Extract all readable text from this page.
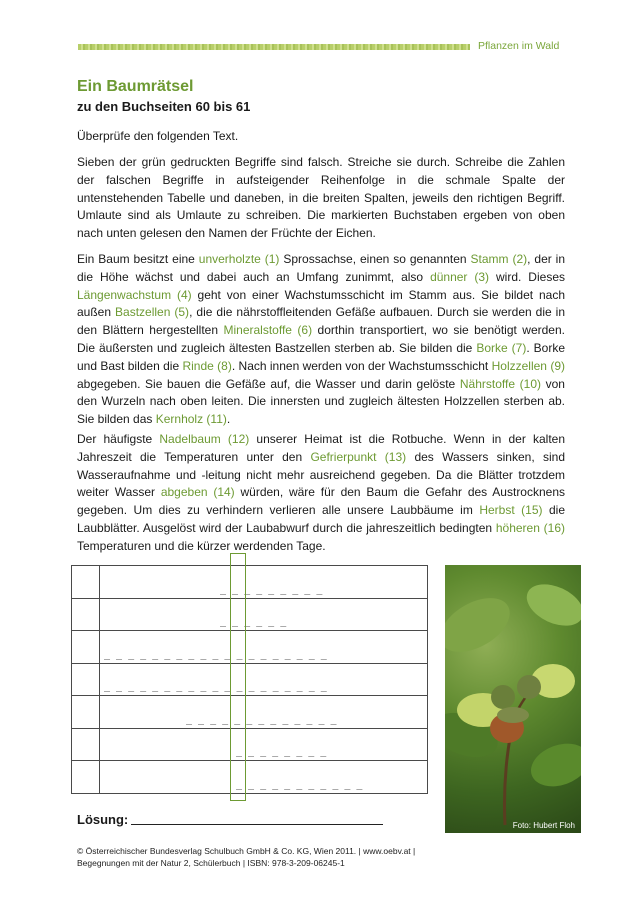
Pflanzen im Wald
Ein Baumrätsel
zu den Buchseiten 60 bis 61

Überprüfe den folgenden Text.

Sieben der grün gedruckten Begriffe sind falsch. Streiche sie durch. Schreibe die Zahlen der falschen Begriffe in aufsteigender Reihenfolge in die schmale Spalte der untenstehenden Tabelle und daneben, in die breiten Spalten, jeweils den richtigen Begriff. Umlaute sind als Umlaute zu schreiben. Die markierten Buchstaben ergeben von oben nach unten gelesen den Namen der Früchte der Eichen.

Ein Baum besitzt eine unverholzte (1) Sprossachse, einen so genannten Stamm (2), der in die Höhe wächst und dabei auch an Umfang zunimmt, also dünner (3) wird. Dieses Längenwachstum (4) geht von einer Wachstumsschicht im Stamm aus. Sie bildet nach außen Bastzellen (5), die die nährstoffleitenden Gefäße aufbauen. Durch sie werden die in den Blättern hergestellten Mineralstoffe (6) dorthin transportiert, wo sie benötigt werden. Die äußersten und zugleich ältesten Bastzellen sterben ab. Sie bilden die Borke (7). Borke und Bast bilden die Rinde (8). Nach innen werden von der Wachstumsschicht Holzzellen (9) abgegeben. Sie bauen die Gefäße auf, die Wasser und darin gelöste Nährstoffe (10) von den Wurzeln nach oben leiten. Die innersten und zugleich ältesten Holzzellen sterben ab. Sie bilden das Kernholz (11).

Der häufigste Nadelbaum (12) unserer Heimat ist die Rotbuche. Wenn in der kalten Jahreszeit die Temperaturen unter den Gefrierpunkt (13) des Wassers sinken, sind Wasseraufnahme und -leitung nicht mehr ausreichend gegeben. Da die Blätter trotzdem weiter Wasser abgeben (14) würden, wäre für den Baum die Gefahr des Austrocknens gegeben. Um dies zu verhindern verlieren alle unsere Laubbäume im Herbst (15) die Laubblätter. Ausgelöst wird der Laubabwurf durch die jahreszeitlich bedingten höheren (16) Temperaturen und die kürzer werdenden Tage.

	_ _ _ _ _ _ _ _ _

	_ _ _ _ _ _

	_ _ _ _ _ _ _ _ _ _ _ _ _ _ _ _ _ _ _

	_ _ _ _ _ _ _ _ _ _ _ _ _ _ _ _ _ _ _

	_ _ _ _ _ _ _ _ _ _ _ _ _

	_ _ _ _ _ _ _ _

	_ _ _ _ _ _ _ _ _ _ _
Lösung:	Foto: Hubert Floh
© Österreichischer Bundesverlag Schulbuch GmbH & Co. KG, Wien 2011. | www.oebv.at |
Begegnungen mit der Natur 2, Schülerbuch | ISBN: 978-3-209-06245-1
